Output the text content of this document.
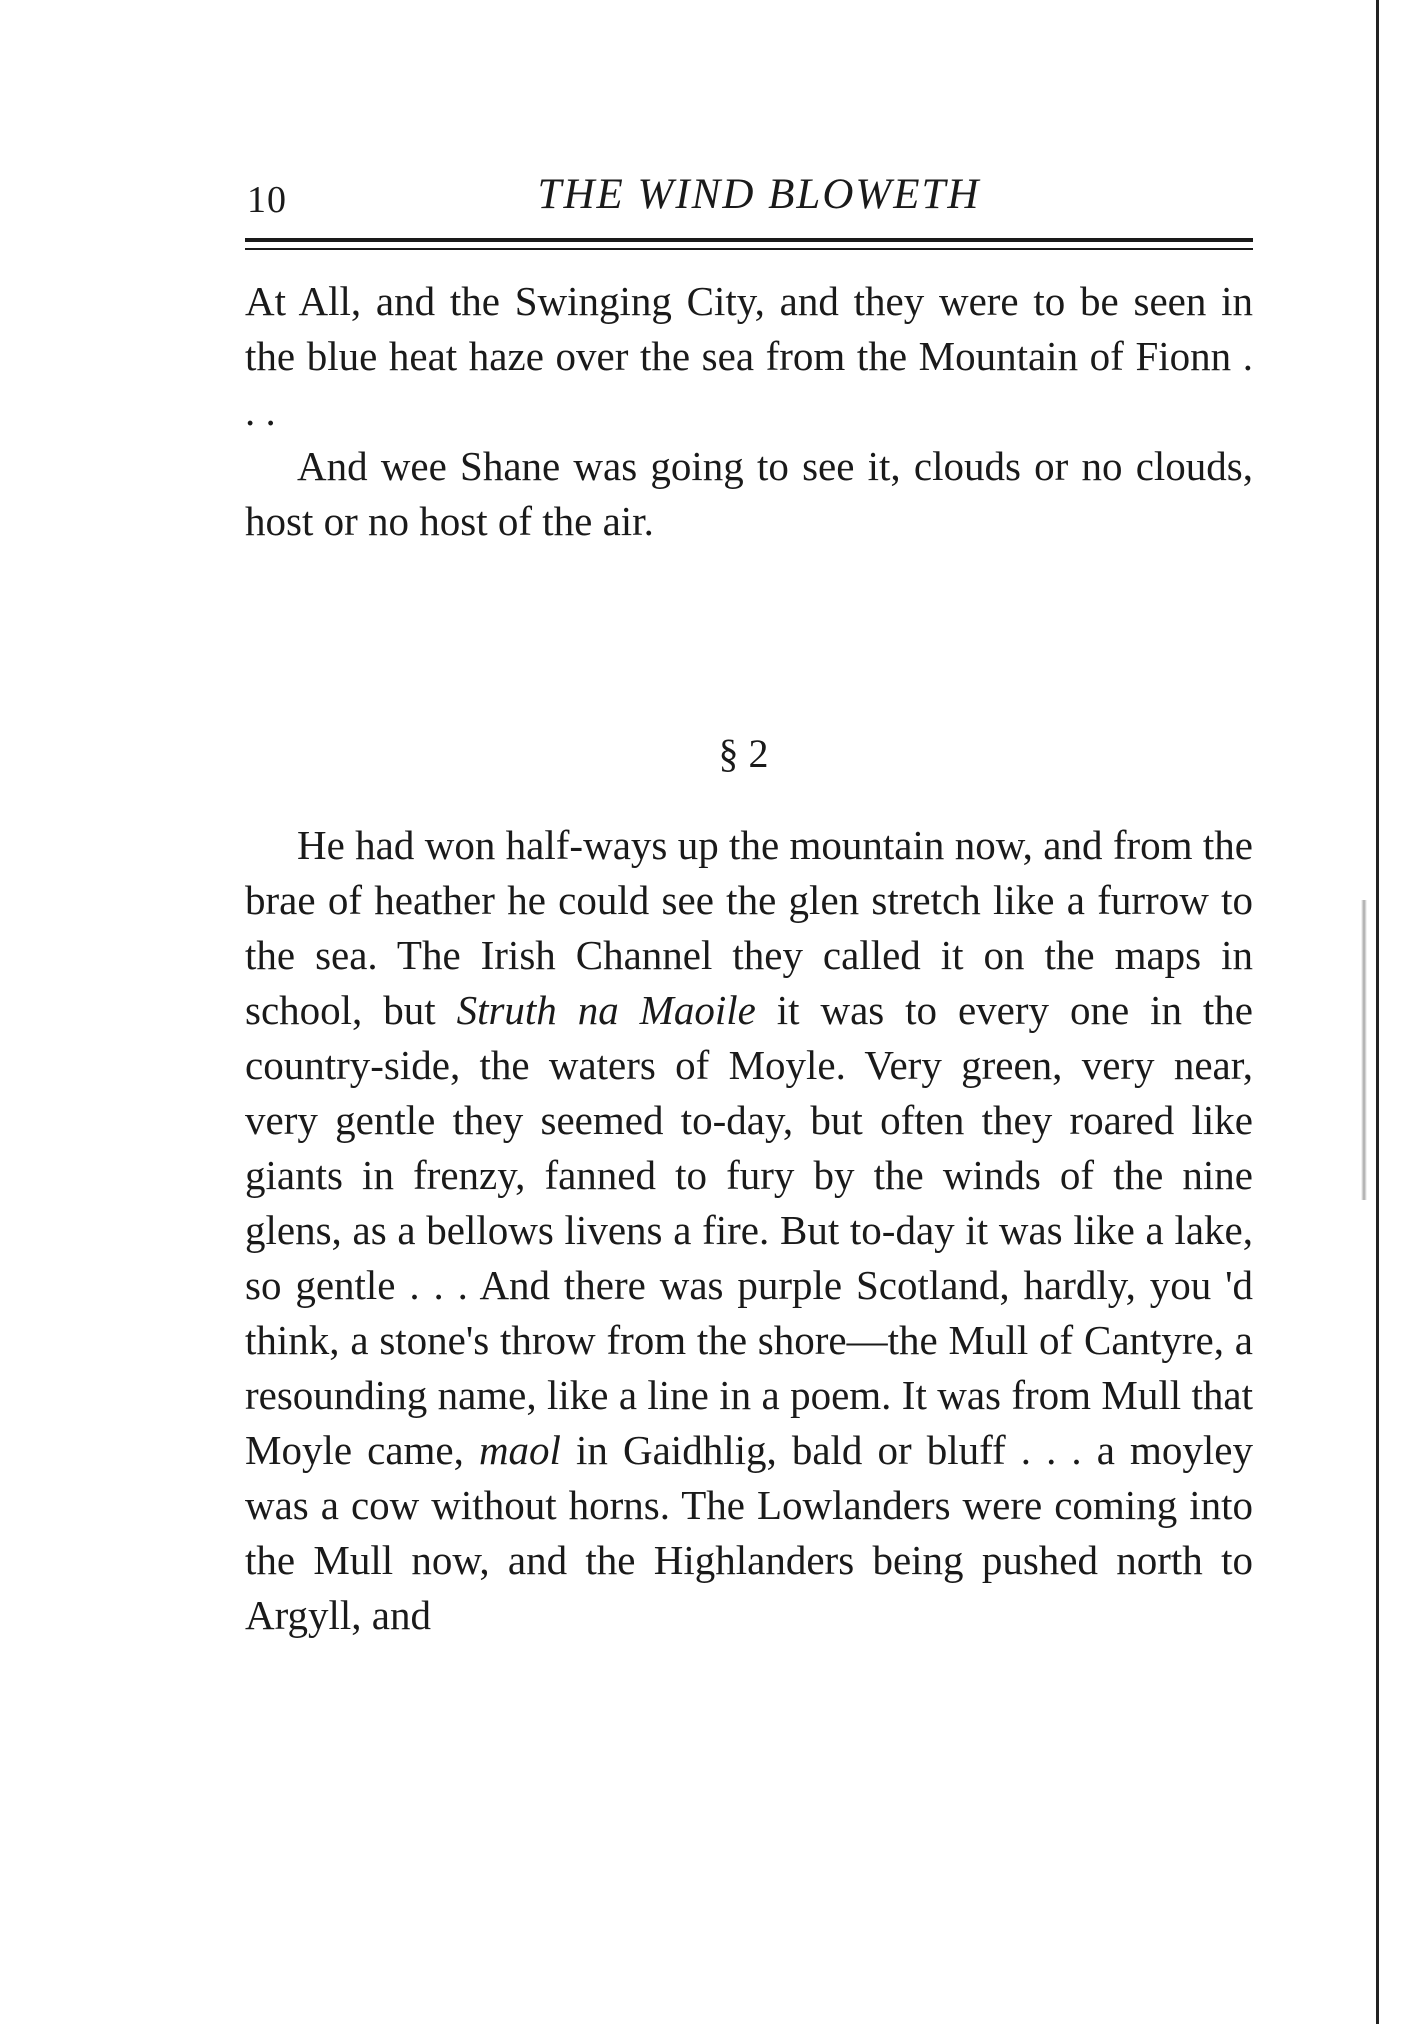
10	THE WIND BLOWETH

At All, and the Swinging City, and they were to be seen in the blue heat haze over the sea from the Mountain of Fionn . . .

And wee Shane was going to see it, clouds or no clouds, host or no host of the air.

§ 2

He had won half-ways up the mountain now, and from the brae of heather he could see the glen stretch like a furrow to the sea. The Irish Channel they called it on the maps in school, but Struth na Maoile it was to every one in the country-side, the waters of Moyle. Very green, very near, very gentle they seemed to-day, but often they roared like giants in frenzy, fanned to fury by the winds of the nine glens, as a bellows livens a fire. But to-day it was like a lake, so gentle . . . And there was purple Scotland, hardly, you 'd think, a stone's throw from the shore—the Mull of Cantyre, a resounding name, like a line in a poem. It was from Mull that Moyle came, maol in Gaidhlig, bald or bluff . . . a moyley was a cow without horns. The Lowlanders were coming into the Mull now, and the Highlanders being pushed north to Argyll, and
